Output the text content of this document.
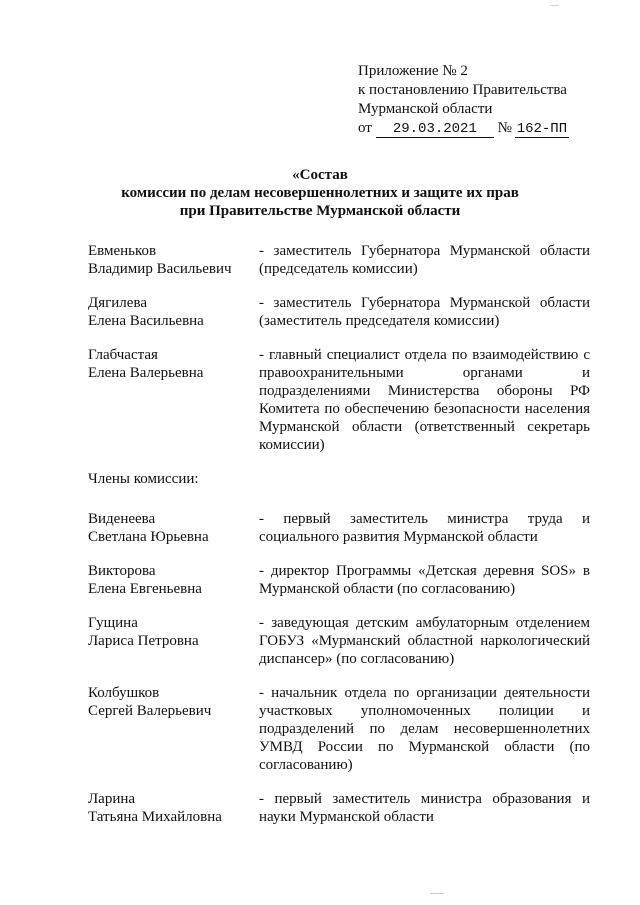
⎯⎯
Приложение № 2
к постановлению Правительства
Мурманской области
от 29.03.2021 № 162-ПП
«Состав
комиссии по делам несовершеннолетних и защите их прав
при Правительстве Мурманской области
Евменьков
Владимир Васильевич
- заместитель Губернатора Мурманской области (председатель комиссии)
Дягилева
Елена Васильевна
- заместитель Губернатора Мурманской области (заместитель председателя комиссии)
Глабчастая
Елена Валерьевна
- главный специалист отдела по взаимодействию с правоохранительными органами и подразделениями Министерства обороны РФ Комитета по обеспечению безопасности населения Мурманской области (ответственный секретарь комиссии)
Члены комиссии:
Виденеева
Светлана Юрьевна
- первый заместитель министра труда и социального развития Мурманской области
Викторова
Елена Евгеньевна
- директор Программы «Детская деревня SOS» в Мурманской области (по согласованию)
Гущина
Лариса Петровна
- заведующая детским амбулаторным отделением ГОБУЗ «Мурманский областной наркологический диспансер» (по согласованию)
Колбушков
Сергей Валерьевич
- начальник отдела по организации деятельности участковых уполномоченных полиции и подразделений по делам несовершеннолетних УМВД России по Мурманской области (по согласованию)
Ларина
Татьяна Михайловна
- первый заместитель министра образования и науки Мурманской области
